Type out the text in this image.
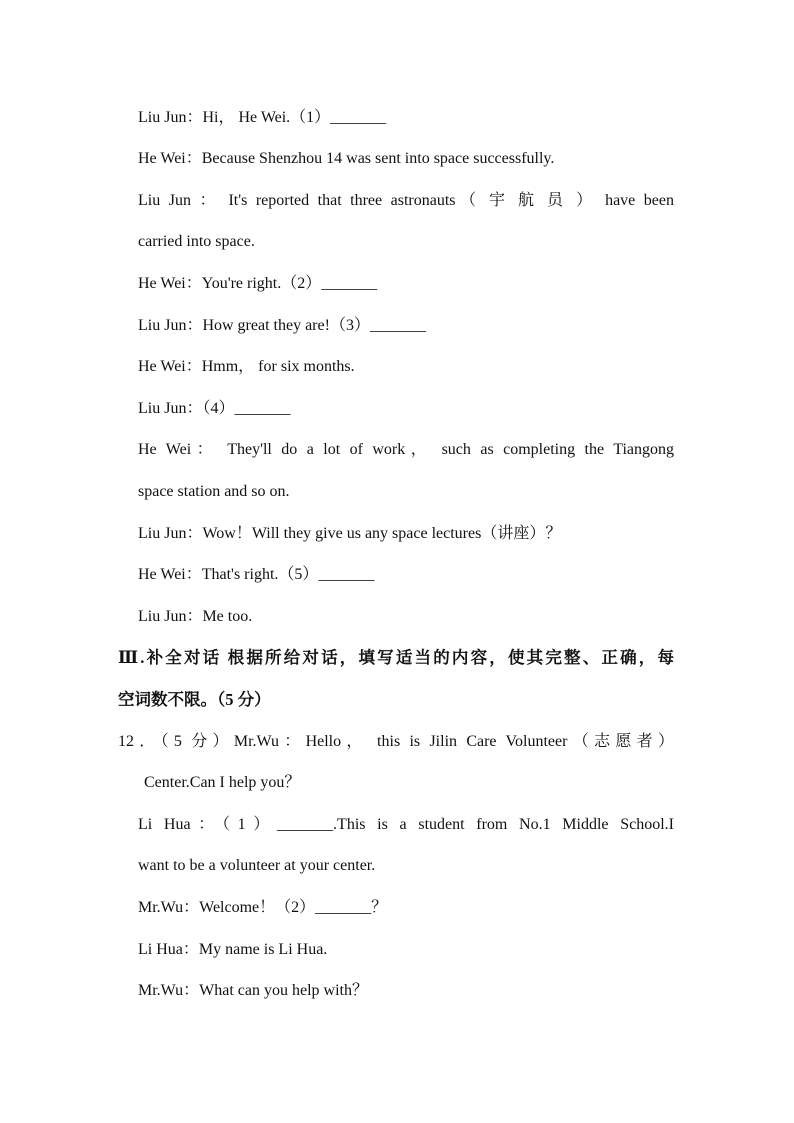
Liu Jun：Hi， He Wei.（1）_______
He Wei：Because Shenzhou 14 was sent into space successfully.
Liu Jun ： It's reported that three astronauts（ 宇 航 员 ） have been
carried into space.
He Wei：You're right.（2）_______
Liu Jun：How great they are!（3）_______
He Wei：Hmm， for six months.
Liu Jun：（4）_______
He Wei： They'll do a lot of work， such as completing the Tiangong
space station and so on.
Liu Jun：Wow！Will they give us any space lectures（讲座）？
He Wei：That's right.（5）_______
Liu Jun：Me too.
Ⅲ.补全对话 根据所给对话，填写适当的内容，使其完整、正确，每
空词数不限。（5 分）
12．（5 分）Mr.Wu：Hello， this is Jilin Care Volunteer（志愿者）
Center.Can I help you？
Li Hua：（1）_______.This is a student from No.1 Middle School.I
want to be a volunteer at your center.
Mr.Wu：Welcome！（2）_______？
Li Hua：My name is Li Hua.
Mr.Wu：What can you help with？
